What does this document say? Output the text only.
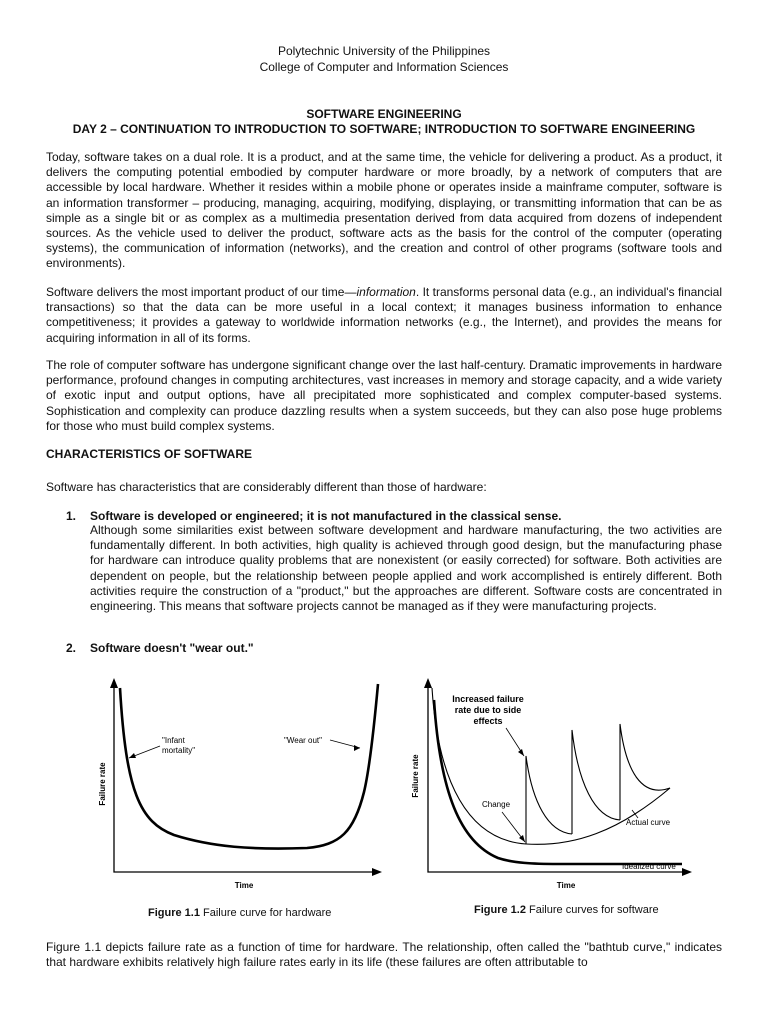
Polytechnic University of the Philippines
College of Computer and Information Sciences
SOFTWARE ENGINEERING
DAY 2 – CONTINUATION TO INTRODUCTION TO SOFTWARE; INTRODUCTION TO SOFTWARE ENGINEERING

Today, software takes on a dual role. It is a product, and at the same time, the vehicle for delivering a product. As a product, it delivers the computing potential embodied by computer hardware or more broadly, by a network of computers that are accessible by local hardware. Whether it resides within a mobile phone or operates inside a mainframe computer, software is an information transformer – producing, managing, acquiring, modifying, displaying, or transmitting information that can be as simple as a single bit or as complex as a multimedia presentation derived from data acquired from dozens of independent sources. As the vehicle used to deliver the product, software acts as the basis for the control of the computer (operating systems), the communication of information (networks), and the creation and control of other programs (software tools and environments).

Software delivers the most important product of our time—information. It transforms personal data (e.g., an individual's financial transactions) so that the data can be more useful in a local context; it manages business information to enhance competitiveness; it provides a gateway to worldwide information networks (e.g., the Internet), and provides the means for acquiring information in all of its forms.

The role of computer software has undergone significant change over the last half-century. Dramatic improvements in hardware performance, profound changes in computing architectures, vast increases in memory and storage capacity, and a wide variety of exotic input and output options, have all precipitated more sophisticated and complex computer-based systems. Sophistication and complexity can produce dazzling results when a system succeeds, but they can also pose huge problems for those who must build complex systems.

CHARACTERISTICS OF SOFTWARE
Software has characteristics that are considerably different than those of hardware:
1. Software is developed or engineered; it is not manufactured in the classical sense.

Although some similarities exist between software development and hardware manufacturing, the two activities are fundamentally different. In both activities, high quality is achieved through good design, but the manufacturing phase for hardware can introduce quality problems that are nonexistent (or easily corrected) for software. Both activities are dependent on people, but the relationship between people applied and work accomplished is entirely different. Both activities require the construction of a "product," but the approaches are different. Software costs are concentrated in engineering. This means that software projects cannot be managed as if they were manufacturing projects.

2. Software doesn't "wear out."
Failure rate
Time
"Infant
mortality"
"Wear out"
Failure rate
Time
Increased failure
rate due to side
effects
Change
Actual curve
Idealized curve
Figure 1.1 Failure curve for hardware	Figure 1.2 Failure curves for software

Figure 1.1 depicts failure rate as a function of time for hardware. The relationship, often called the "bathtub curve," indicates that hardware exhibits relatively high failure rates early in its life (these failures are often attributable to
